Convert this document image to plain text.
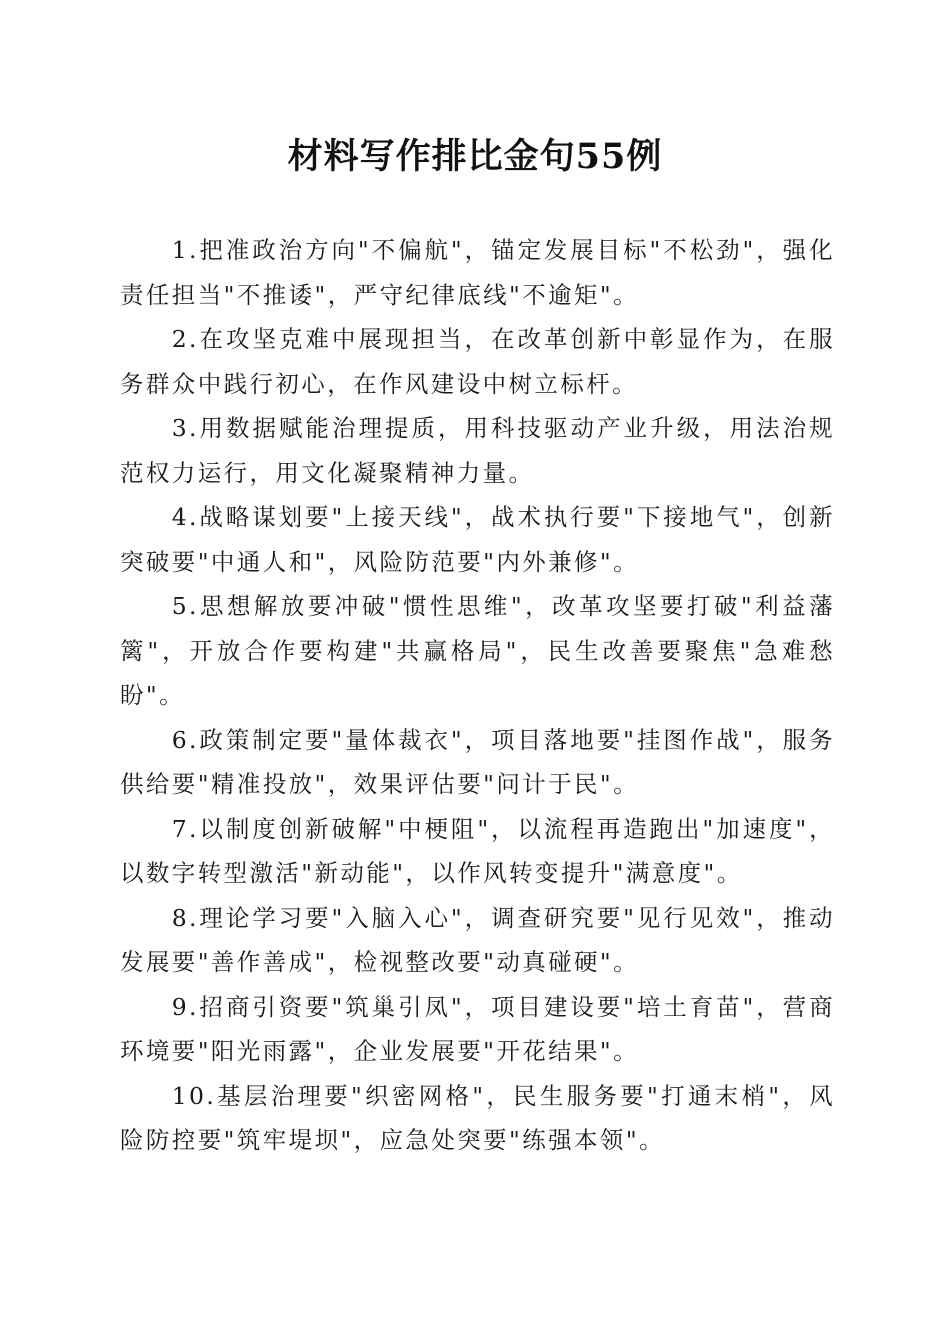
材料写作排比金句55例

1.把准政治方向"不偏航"，锚定发展目标"不松劲"，强化责任担当"不推诿"，严守纪律底线"不逾矩"。

2.在攻坚克难中展现担当，在改革创新中彰显作为，在服务群众中践行初心，在作风建设中树立标杆。

3.用数据赋能治理提质，用科技驱动产业升级，用法治规范权力运行，用文化凝聚精神力量。

4.战略谋划要"上接天线"，战术执行要"下接地气"，创新突破要"中通人和"，风险防范要"内外兼修"。

5.思想解放要冲破"惯性思维"，改革攻坚要打破"利益藩篱"，开放合作要构建"共赢格局"，民生改善要聚焦"急难愁盼"。

6.政策制定要"量体裁衣"，项目落地要"挂图作战"，服务供给要"精准投放"，效果评估要"问计于民"。

7.以制度创新破解"中梗阻"，以流程再造跑出"加速度"，以数字转型激活"新动能"，以作风转变提升"满意度"。

8.理论学习要"入脑入心"，调查研究要"见行见效"，推动发展要"善作善成"，检视整改要"动真碰硬"。

9.招商引资要"筑巢引凤"，项目建设要"培土育苗"，营商环境要"阳光雨露"，企业发展要"开花结果"。

10.基层治理要"织密网格"，民生服务要"打通末梢"，风险防控要"筑牢堤坝"，应急处突要"练强本领"。
